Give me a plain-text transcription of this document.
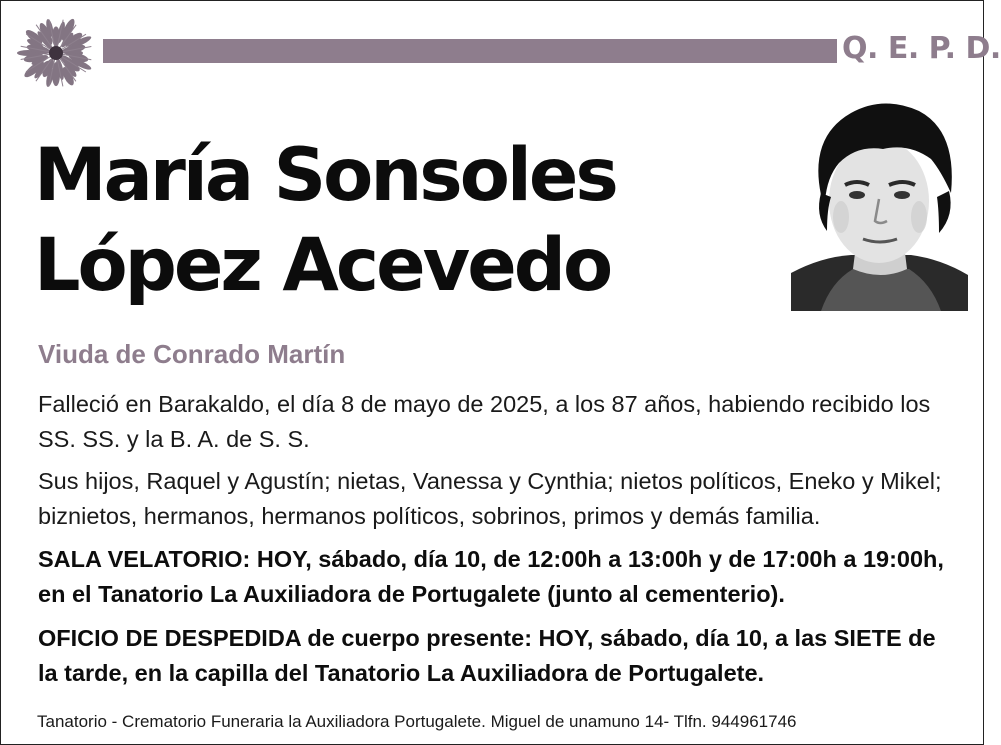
Q. E. P. D.
María Sonsoles
López Acevedo
Viuda de Conrado Martín
Falleció en Barakaldo, el día 8 de mayo de 2025, a los 87 años, habiendo recibido los SS. SS. y la B. A. de S. S.
Sus hijos, Raquel y Agustín; nietas, Vanessa y Cynthia; nietos políticos, Eneko y Mikel; biznietos, hermanos, hermanos políticos, sobrinos, primos y demás familia.
SALA VELATORIO: HOY, sábado, día 10, de 12:00h a 13:00h y de 17:00h a 19:00h, en el Tanatorio La Auxiliadora de Portugalete (junto al cementerio).
OFICIO DE DESPEDIDA de cuerpo presente: HOY, sábado, día 10, a las SIETE de la tarde, en la capilla del Tanatorio La Auxiliadora de Portugalete.
Tanatorio - Crematorio Funeraria la Auxiliadora Portugalete. Miguel de unamuno 14- Tlfn. 944961746
